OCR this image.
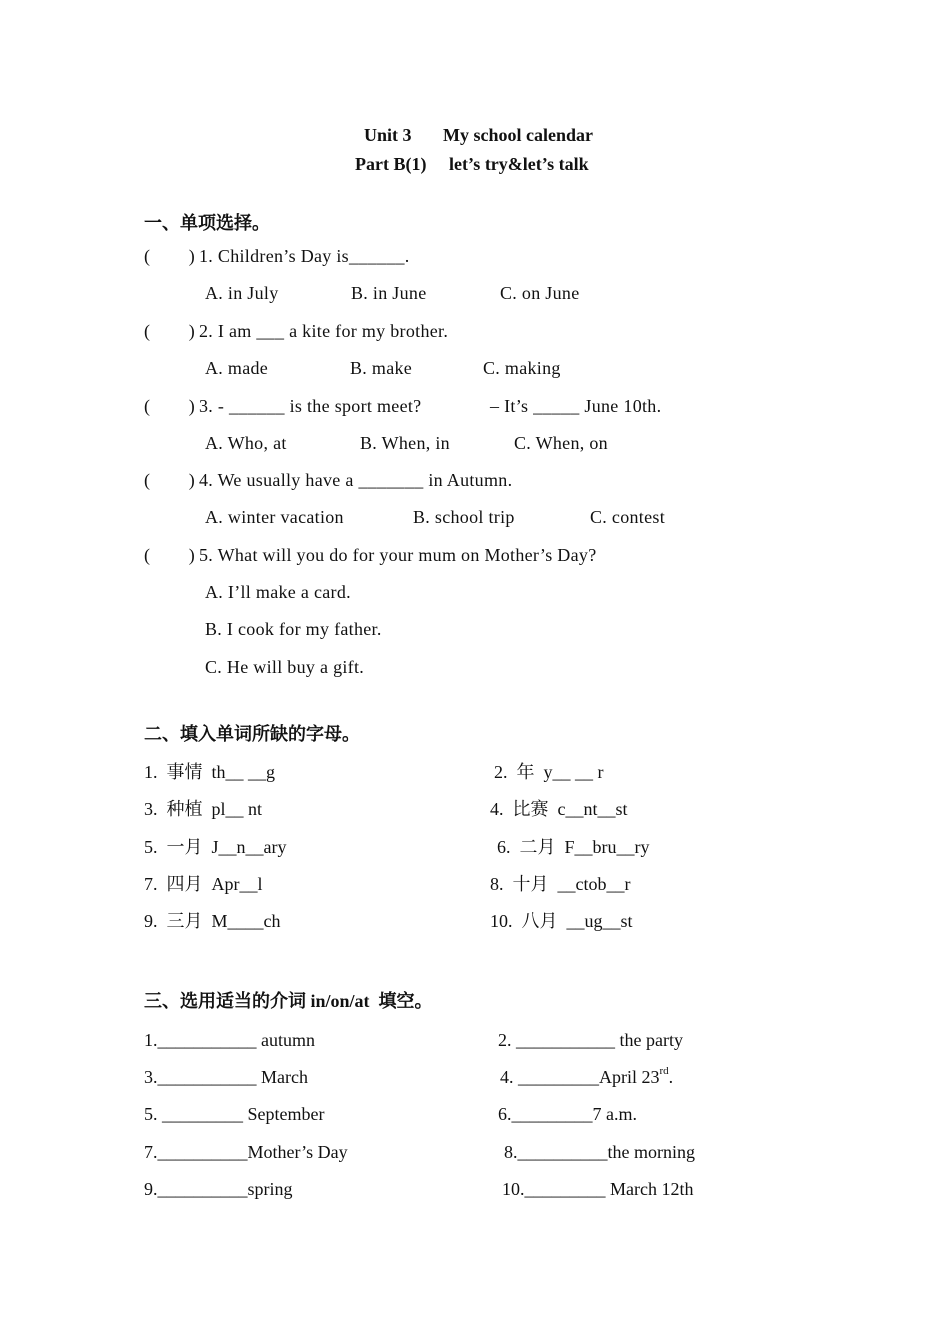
Unit 3 My school calendar
Part B(1) let’s try&let’s talk
一、单项选择。
(        ) 1. Children’s Day is______.
A. in July	B. in June	C. on June
(        ) 2. I am ___ a kite for my brother.
A. made	B. make	C. making
(        ) 3. - ______ is the sport meet?	– It’s _____ June 10th.
A. Who, at	B. When, in	C. When, on
(        ) 4. We usually have a _______ in Autumn.
A. winter vacation	B. school trip	C. contest
(        ) 5. What will you do for your mum on Mother’s Day?
A. I’ll make a card.
B. I cook for my father.
C. He will buy a gift.
二、填入单词所缺的字母。
1.  事情  th__ __g	2.  年  y__ __ r
3.  种植  pl__ nt	4.  比赛  c__nt__st
5.  一月  J__n__ary	6.  二月  F__bru__ry
7.  四月  Apr__l	8.  十月  __ctob__r
9.  三月  M____ch	10.  八月  __ug__st
三、选用适当的介词 in/on/at  填空。
1.___________ autumn	2. ___________ the party
3.___________ March	4. _________April 23rd.
5. _________ September	6._________7 a.m.
7.__________Mother’s Day	8.__________the morning
9.__________spring	10._________ March 12th
